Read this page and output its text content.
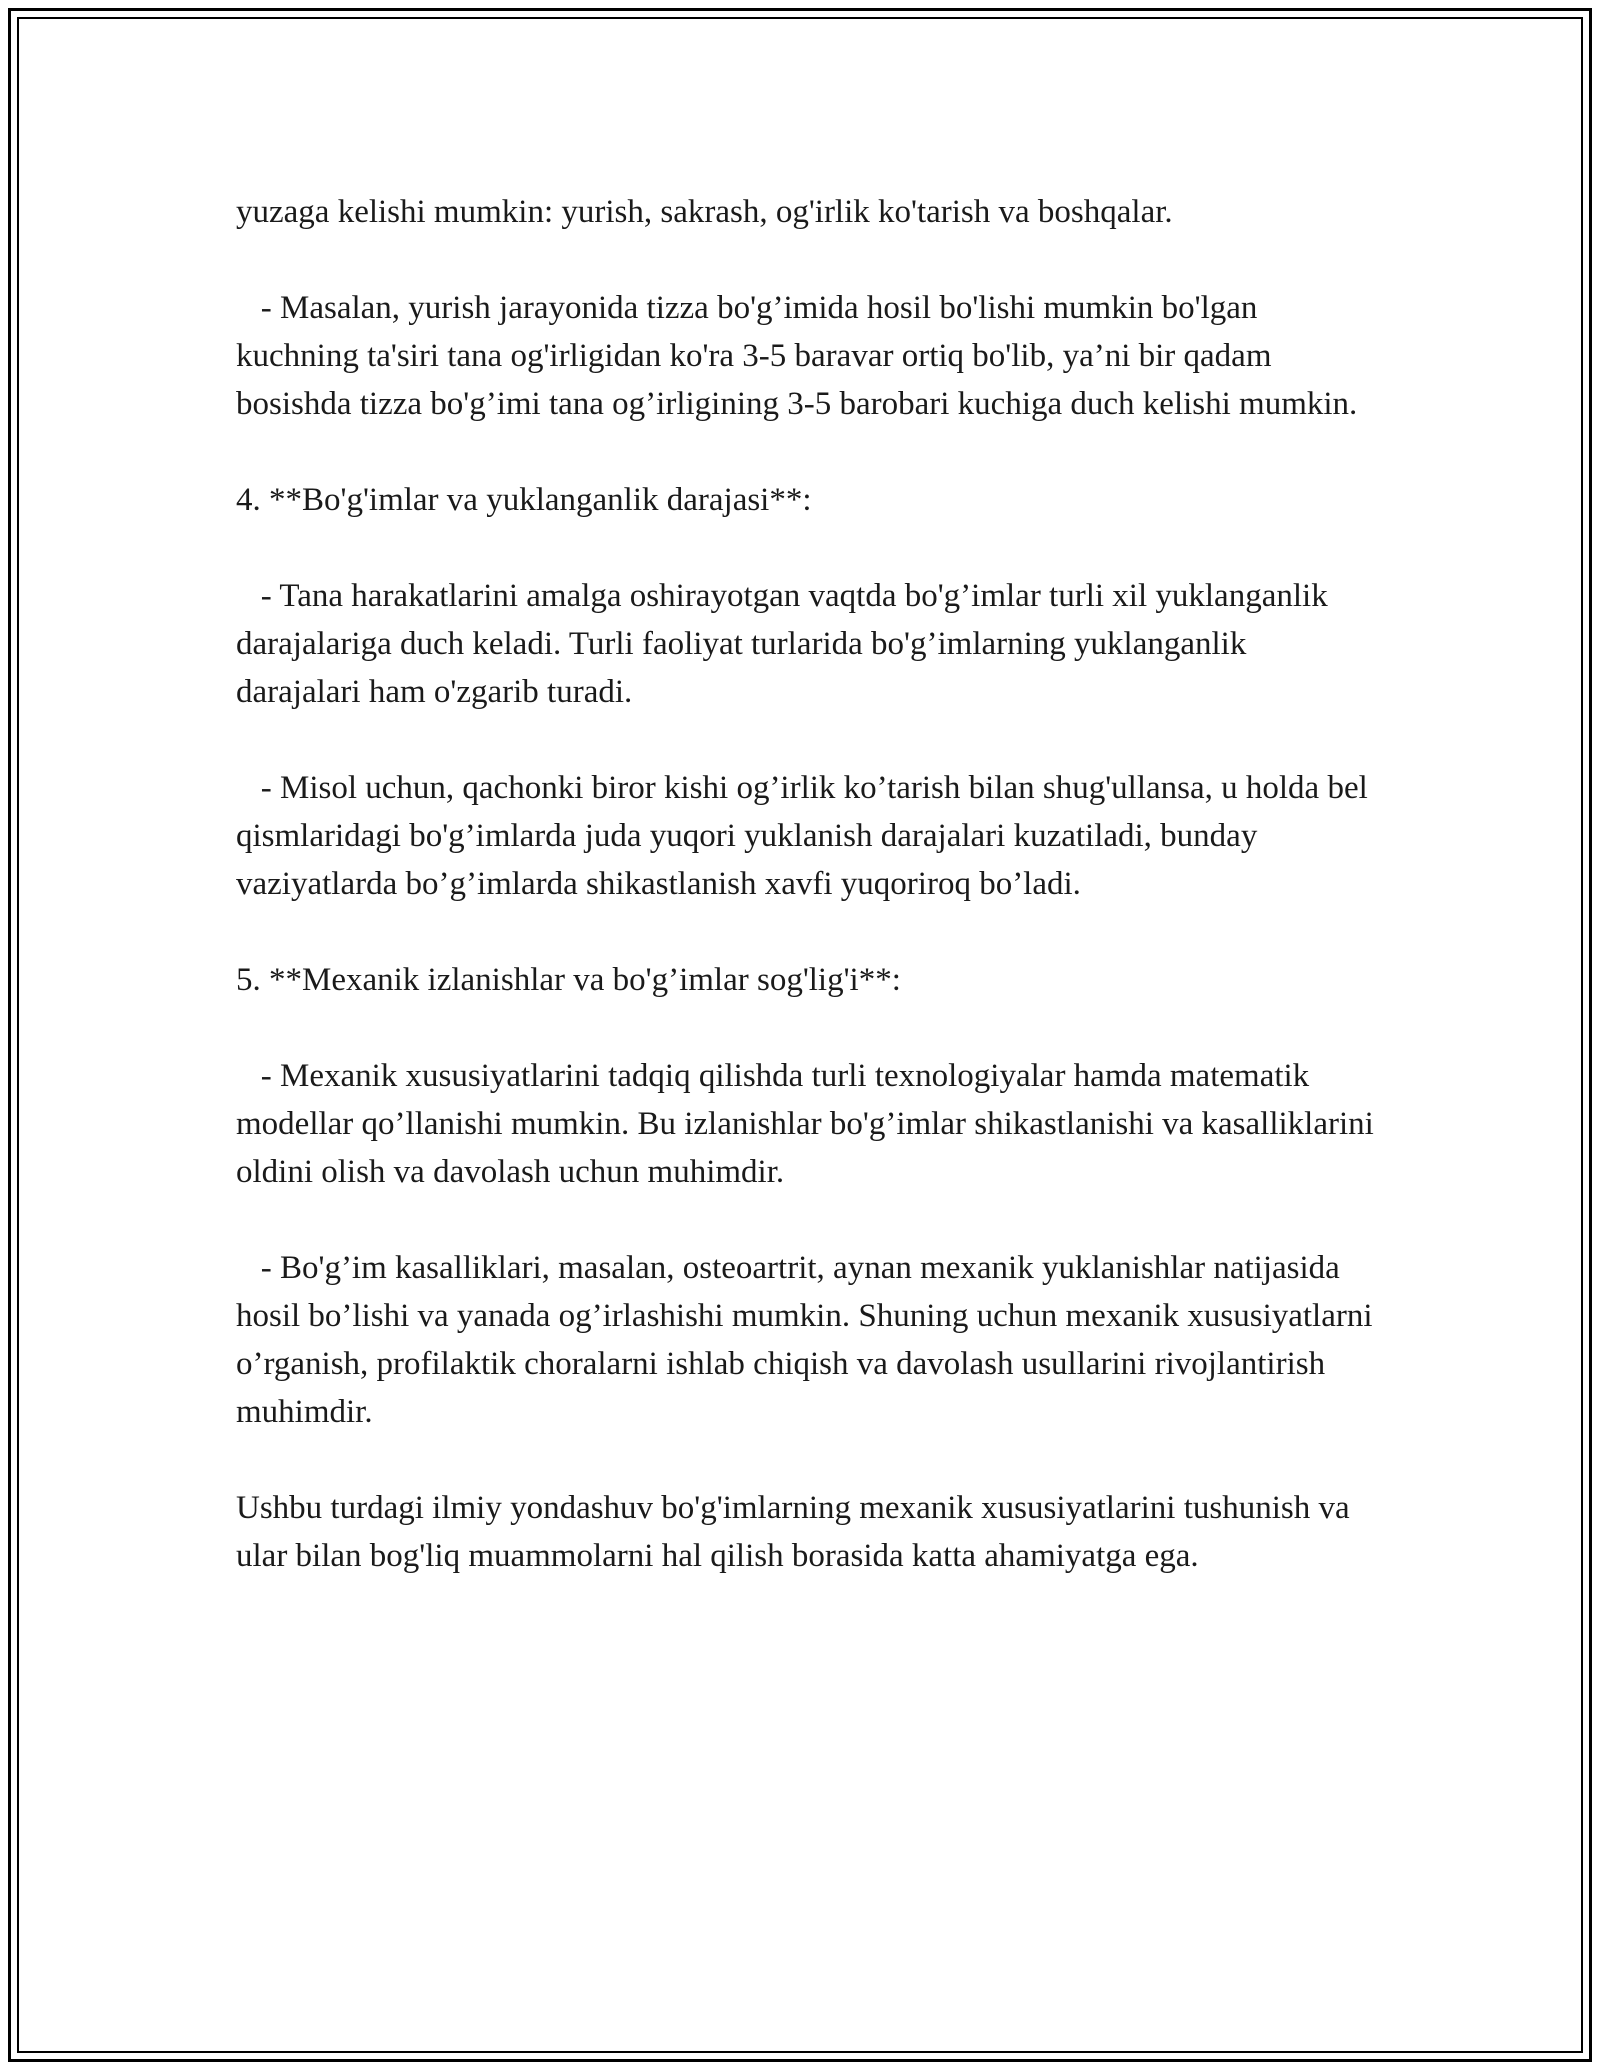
yuzaga kelishi mumkin: yurish, sakrash, og'irlik ko'tarish va boshqalar.

- Masalan, yurish jarayonida tizza bo'g’imida hosil bo'lishi mumkin bo'lgan kuchning ta'siri tana og'irligidan ko'ra 3-5 baravar ortiq bo'lib, ya’ni bir qadam bosishda tizza bo'g’imi tana og’irligining 3-5 barobari kuchiga duch kelishi mumkin.

4. **Bo'g'imlar va yuklanganlik darajasi**:

- Tana harakatlarini amalga oshirayotgan vaqtda bo'g’imlar turli xil yuklanganlik darajalariga duch keladi. Turli faoliyat turlarida bo'g’imlarning yuklanganlik darajalari ham o'zgarib turadi.

- Misol uchun, qachonki biror kishi og’irlik ko’tarish bilan shug'ullansa, u holda bel qismlaridagi bo'g’imlarda juda yuqori yuklanish darajalari kuzatiladi, bunday vaziyatlarda bo’g’imlarda shikastlanish xavfi yuqoriroq bo’ladi.

5. **Mexanik izlanishlar va bo'g’imlar sog'lig'i**:

- Mexanik xususiyatlarini tadqiq qilishda turli texnologiyalar hamda matematik modellar qo’llanishi mumkin. Bu izlanishlar bo'g’imlar shikastlanishi va kasalliklarini oldini olish va davolash uchun muhimdir.

- Bo'g’im kasalliklari, masalan, osteoartrit, aynan mexanik yuklanishlar natijasida hosil bo’lishi va yanada og’irlashishi mumkin. Shuning uchun mexanik xususiyatlarni o’rganish, profilaktik choralarni ishlab chiqish va davolash usullarini rivojlantirish muhimdir.

Ushbu turdagi ilmiy yondashuv bo'g'imlarning mexanik xususiyatlarini tushunish va ular bilan bog'liq muammolarni hal qilish borasida katta ahamiyatga ega.
